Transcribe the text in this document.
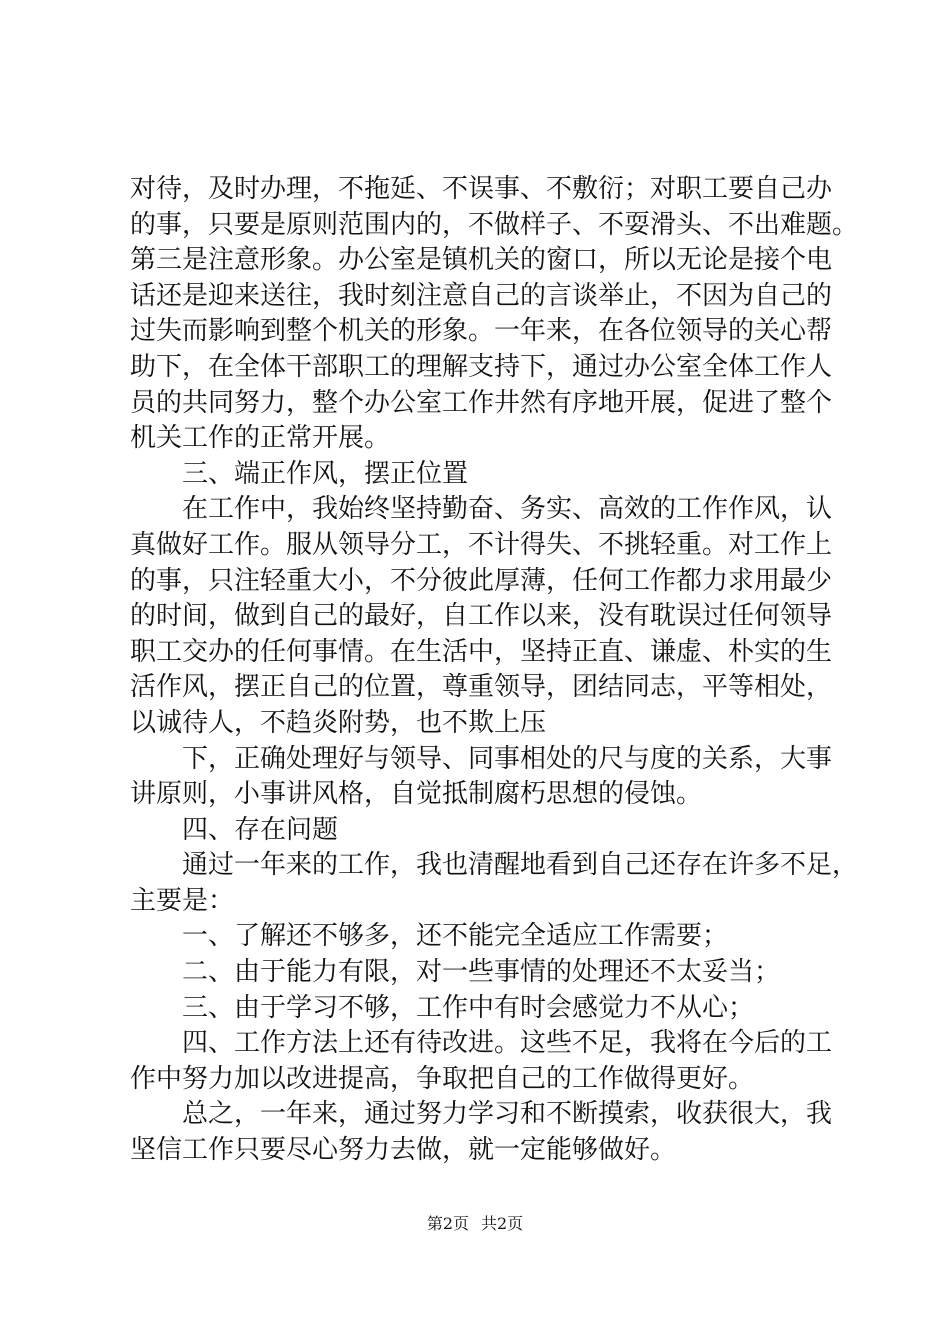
对待，及时办理，不拖延、不误事、不敷衍；对职工要自己办
的事，只要是原则范围内的，不做样子、不耍滑头、不出难题。
第三是注意形象。办公室是镇机关的窗口，所以无论是接个电
话还是迎来送往，我时刻注意自己的言谈举止，不因为自己的
过失而影响到整个机关的形象。一年来，在各位领导的关心帮
助下，在全体干部职工的理解支持下，通过办公室全体工作人
员的共同努力，整个办公室工作井然有序地开展，促进了整个
机关工作的正常开展。
三、端正作风，摆正位置
在工作中，我始终坚持勤奋、务实、高效的工作作风，认
真做好工作。服从领导分工，不计得失、不挑轻重。对工作上
的事，只注轻重大小，不分彼此厚薄，任何工作都力求用最少
的时间，做到自己的最好，自工作以来，没有耽误过任何领导
职工交办的任何事情。在生活中，坚持正直、谦虚、朴实的生
活作风，摆正自己的位置，尊重领导，团结同志，平等相处，
以诚待人，不趋炎附势，也不欺上压
下，正确处理好与领导、同事相处的尺与度的关系，大事
讲原则，小事讲风格，自觉抵制腐朽思想的侵蚀。
四、存在问题
通过一年来的工作，我也清醒地看到自己还存在许多不足，
主要是：
一、了解还不够多，还不能完全适应工作需要；
二、由于能力有限，对一些事情的处理还不太妥当；
三、由于学习不够，工作中有时会感觉力不从心；
四、工作方法上还有待改进。这些不足，我将在今后的工
作中努力加以改进提高，争取把自己的工作做得更好。
总之，一年来，通过努力学习和不断摸索，收获很大，我
坚信工作只要尽心努力去做，就一定能够做好。
第2页 共2页
